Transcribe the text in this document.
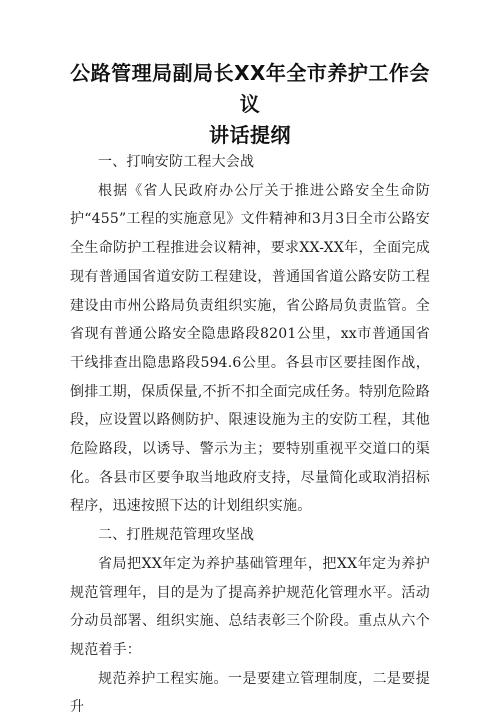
公路管理局副局长XX年全市养护工作会议
讲话提纲

一、打响安防工程大会战

根据《省人民政府办公厅关于推进公路安全生命防护“455”工程的实施意见》文件精神和3月3日全市公路安全生命防护工程推进会议精神，要求XX-XX年，全面完成现有普通国省道安防工程建设，普通国省道公路安防工程建设由市州公路局负责组织实施，省公路局负责监管。全省现有普通公路安全隐患路段8201公里，xx市普通国省干线排查出隐患路段594.6公里。各县市区要挂图作战，倒排工期，保质保量,不折不扣全面完成任务。特别危险路段，应设置以路侧防护、限速设施为主的安防工程，其他危险路段，以诱导、警示为主；要特别重视平交道口的渠化。各县市区要争取当地政府支持，尽量简化或取消招标程序，迅速按照下达的计划组织实施。

二、打胜规范管理攻坚战

省局把XX年定为养护基础管理年，把XX年定为养护规范管理年，目的是为了提高养护规范化管理水平。活动分动员部署、组织实施、总结表彰三个阶段。重点从六个规范着手：

规范养护工程实施。一是要建立管理制度，二是要提升
